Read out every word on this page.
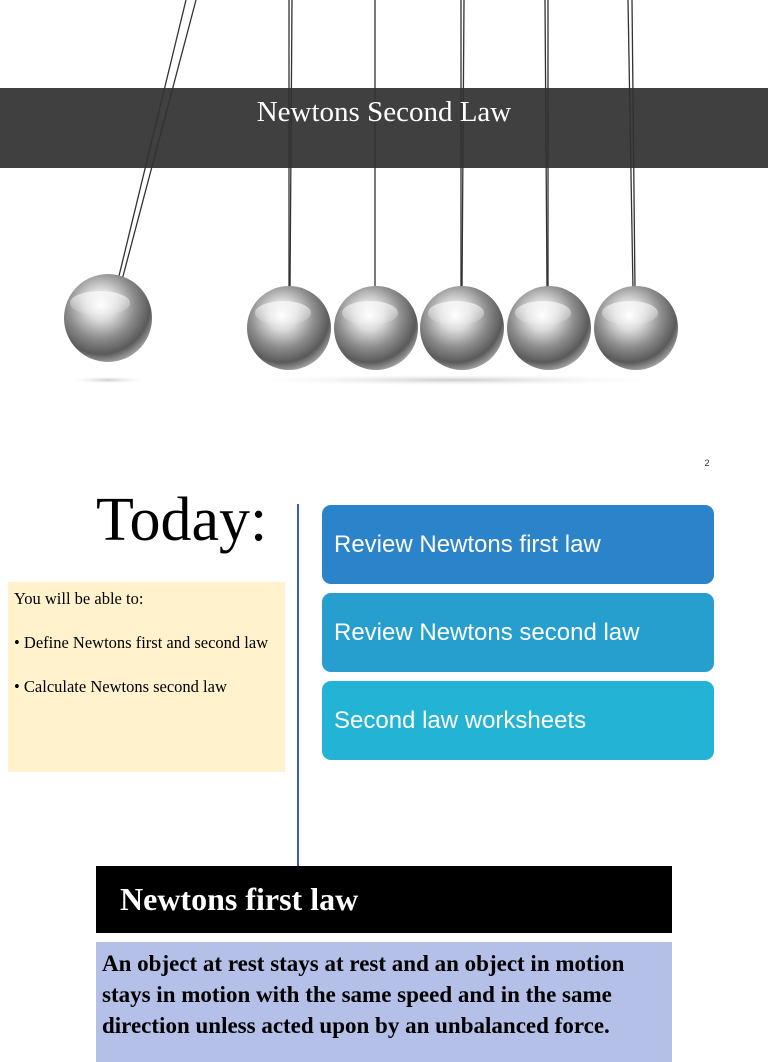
Newtons Second Law
2
Today:

You will be able to:

• Define Newtons first and second law

• Calculate Newtons second law

Review Newtons first law
Review Newtons second law
Second law worksheets
Newtons first law
An object at rest stays at rest and an object in motion stays in motion with the same speed and in the same direction unless acted upon by an unbalanced force.
